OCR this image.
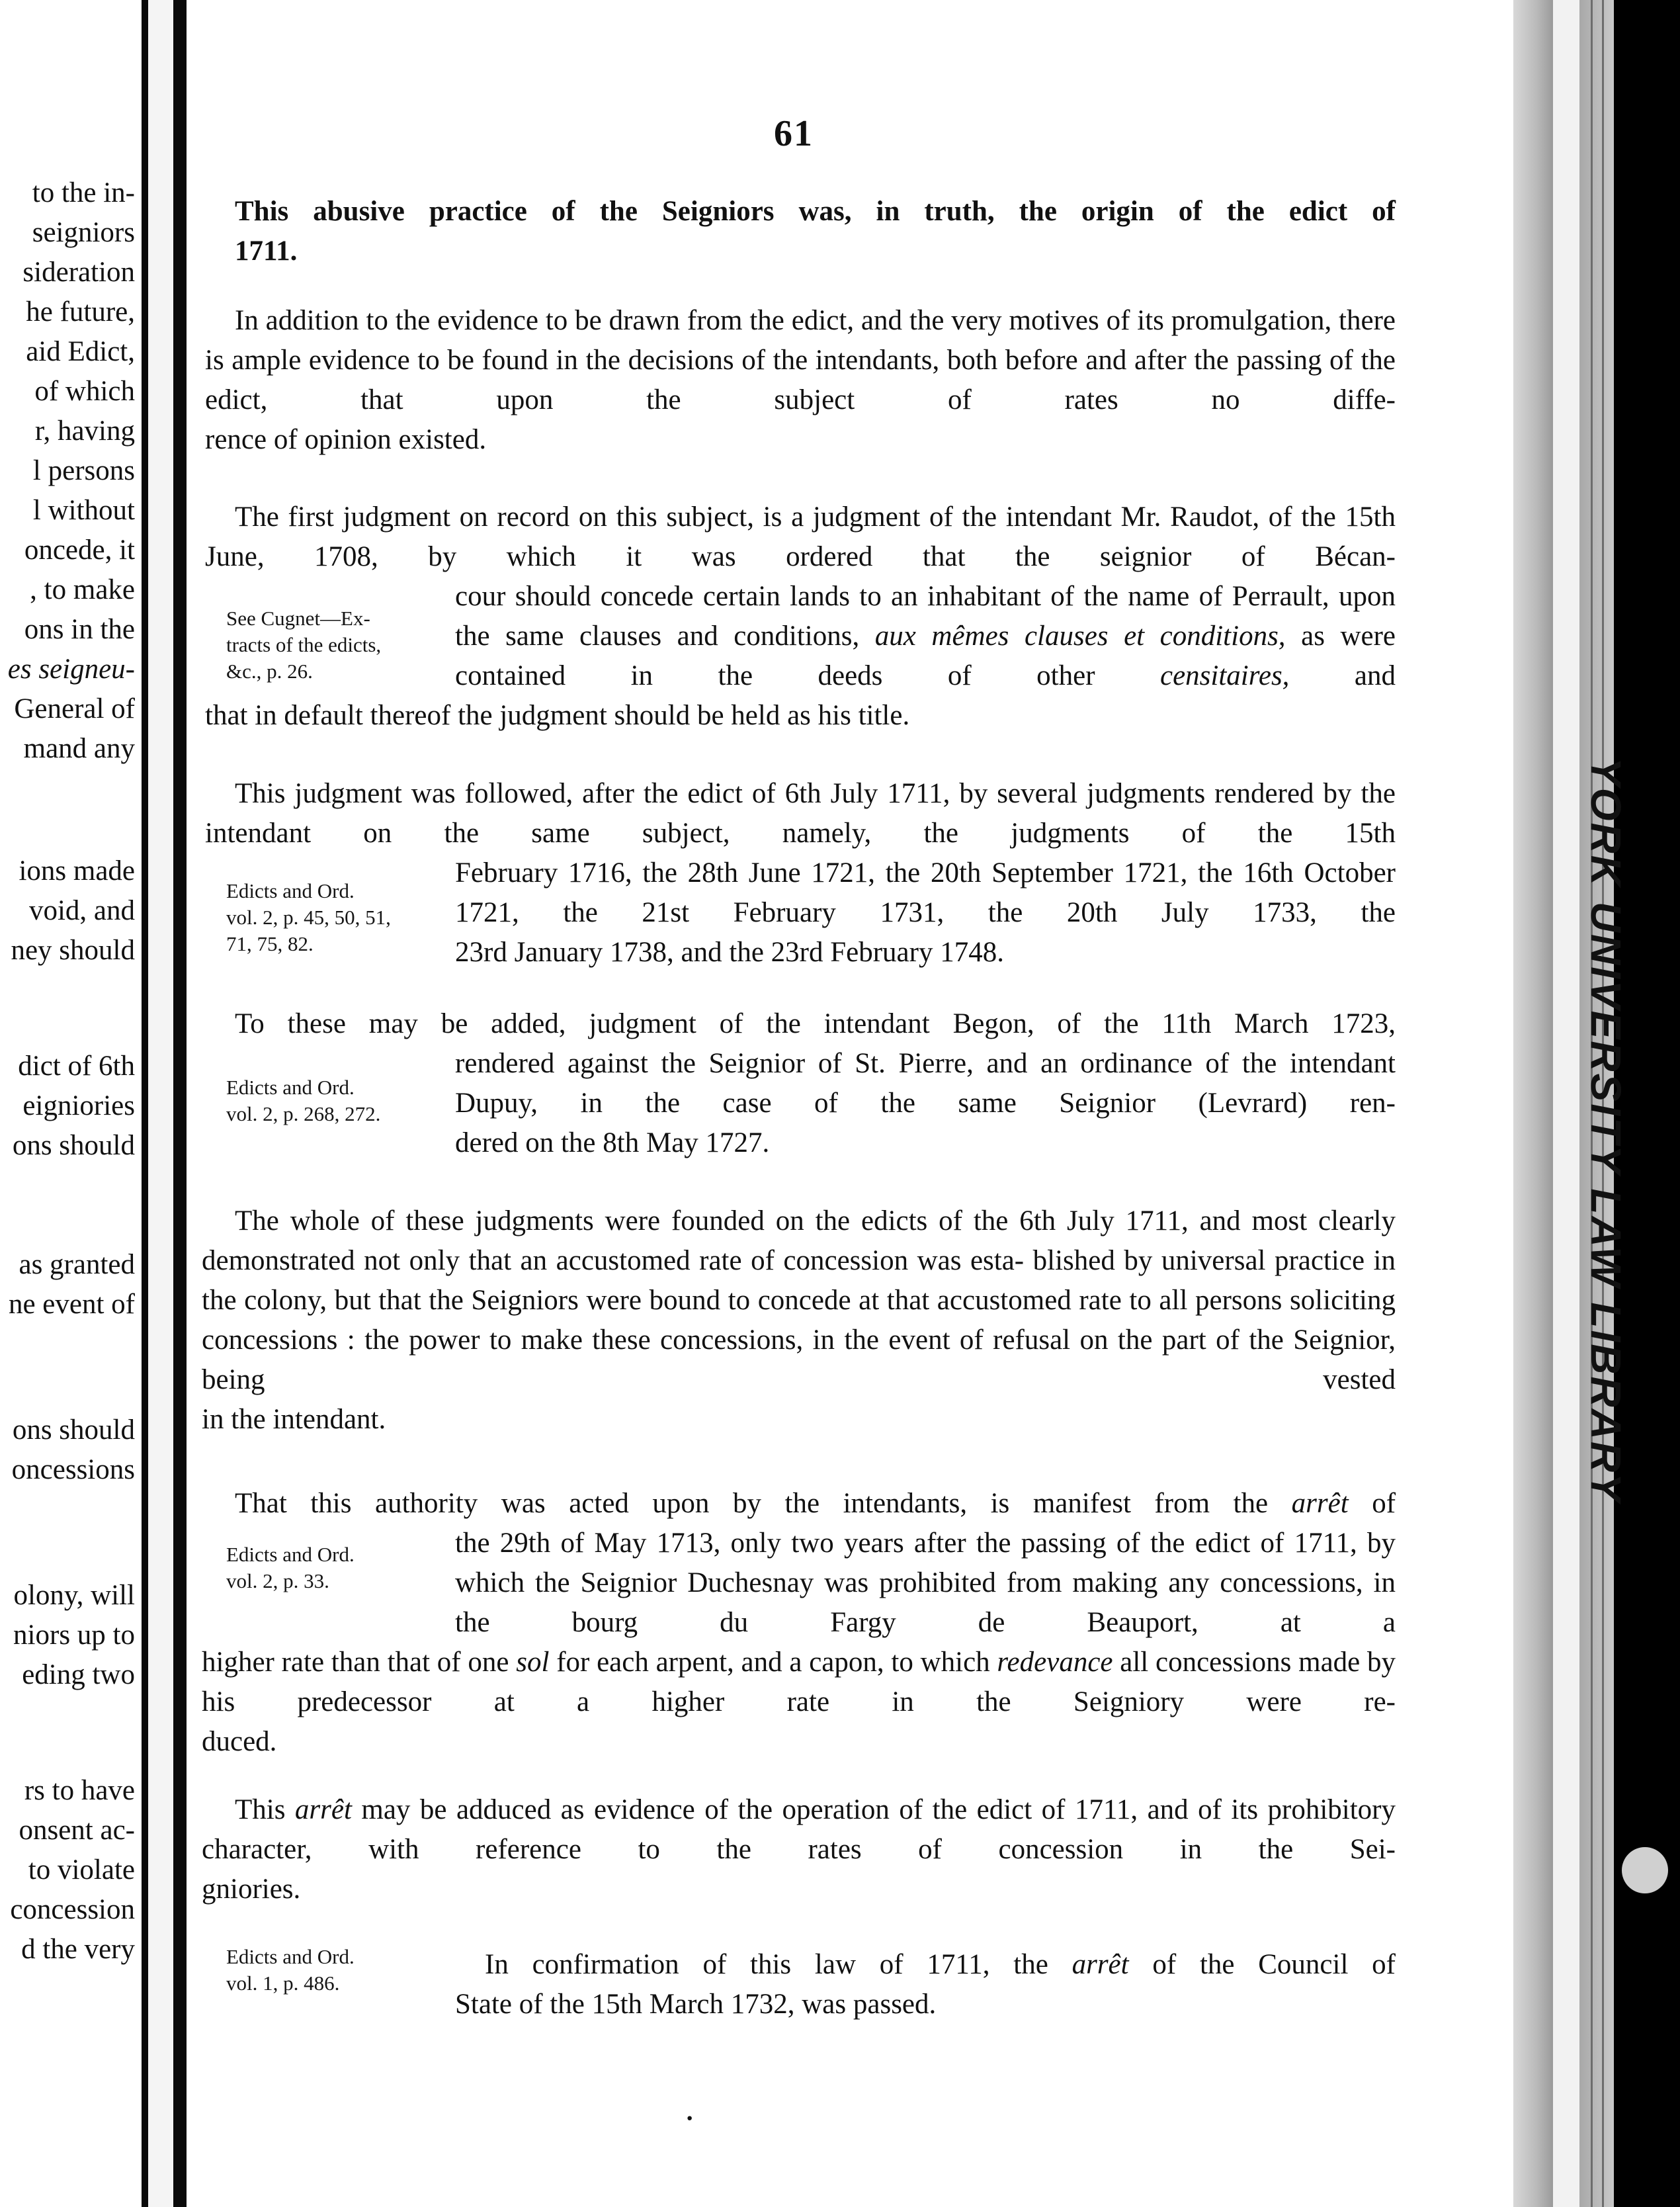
to the in-
seigniors
sideration
he future,
aid Edict,
of which
r, having
l persons
l without
oncede, it
, to make
ons in the
es seigneu-
General of
mand any
ions made
void, and
ney should
dict of 6th
eigniories
ons should
as granted
ne event of
ons should
oncessions
olony, will
niors up to
eding two
rs to have
onsent ac-
to violate
concession
d the very
YORK UNIVERSITY LAW LIBRARY
61

This abusive practice of the Seigniors was, in truth, the origin of the edict of
1711.

In addition to the evidence to be drawn from the edict, and the very motives of its promulgation, there is ample evidence to be found in the decisions of the intendants, both before and after the passing of the edict, that upon the subject of rates no diffe-
rence of opinion existed.

The first judgment on record on this subject, is a judgment of the intendant Mr. Raudot, of the 15th June, 1708, by which it was ordered that the seignior of Bécan-

cour should concede certain lands to an inhabitant of the name of Perrault, upon the same clauses and conditions, aux mêmes clauses et conditions, as were contained in the deeds of other censitaires, and

that in default thereof the judgment should be held as his title.

See Cugnet—Ex-
tracts of the edicts,
&c., p. 26.

This judgment was followed, after the edict of 6th July 1711, by several judgments rendered by the intendant on the same subject, namely, the judgments of the 15th

February 1716, the 28th June 1721, the 20th September 1721, the 16th October 1721, the 21st February 1731, the 20th July 1733, the
23rd January 1738, and the 23rd February 1748.

Edicts and Ord.
vol. 2, p. 45, 50, 51,
71, 75, 82.

To these may be added, judgment of the intendant Begon, of the 11th March 1723,

rendered against the Seignior of St. Pierre, and an ordinance of the intendant Dupuy, in the case of the same Seignior (Levrard) ren-
dered on the 8th May 1727.

Edicts and Ord.
vol. 2, p. 268, 272.

The whole of these judgments were founded on the edicts of the 6th July 1711, and most clearly demonstrated not only that an accustomed rate of concession was esta- blished by universal practice in the colony, but that the Seigniors were bound to concede at that accustomed rate to all persons soliciting concessions : the power to make these concessions, in the event of refusal on the part of the Seignior, being vested
in the intendant.

That this authority was acted upon by the intendants, is manifest from the arrêt of

the 29th of May 1713, only two years after the passing of the edict of 1711, by which the Seignior Duchesnay was prohibited from making any concessions, in the bourg du Fargy de Beauport, at a

higher rate than that of one sol for each arpent, and a capon, to which redevance all concessions made by his predecessor at a higher rate in the Seigniory were re-
duced.

Edicts and Ord.
vol. 2, p. 33.

This arrêt may be adduced as evidence of the operation of the edict of 1711, and of its prohibitory character, with reference to the rates of concession in the Sei-
gniories.

In confirmation of this law of 1711, the arrêt of the Council of

State of the 15th March 1732, was passed.

Edicts and Ord.
vol. 1, p. 486.
·
